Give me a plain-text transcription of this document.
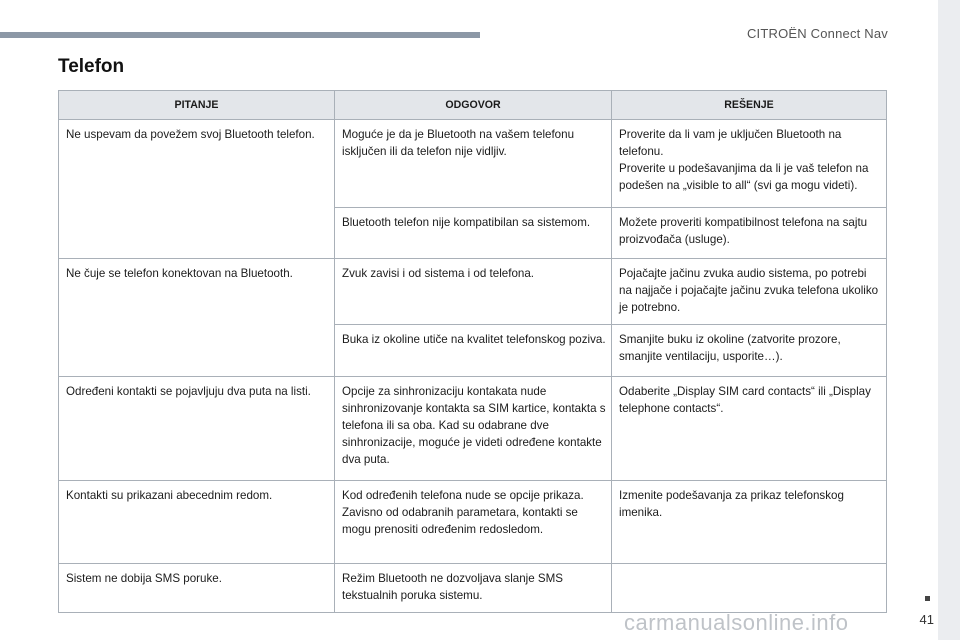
CITROËN Connect Nav
Telefon
PITANJE	ODGOVOR	REŠENJE
Ne uspevam da povežem svoj Bluetooth telefon.	Moguće je da je Bluetooth na vašem telefonu isključen ili da telefon nije vidljiv.	Proverite da li vam je uključen Bluetooth na telefonu.
Proverite u podešavanjima da li je vaš telefon na podešen na „visible to all“ (svi ga mogu videti).
	Bluetooth telefon nije kompatibilan sa sistemom.	Možete proveriti kompatibilnost telefona na sajtu proizvođača (usluge).
Ne čuje se telefon konektovan na Bluetooth.	Zvuk zavisi i od sistema i od telefona.	Pojačajte jačinu zvuka audio sistema, po potrebi na najjače i pojačajte jačinu zvuka telefona ukoliko je potrebno.
	Buka iz okoline utiče na kvalitet telefonskog poziva.	Smanjite buku iz okoline (zatvorite prozore, smanjite ventilaciju, usporite…).
Određeni kontakti se pojavljuju dva puta na listi.	Opcije za sinhronizaciju kontakata nude sinhronizovanje kontakta sa SIM kartice, kontakta s telefona ili sa oba. Kad su odabrane dve sinhronizacije, moguće je videti određene kontakte dva puta.	Odaberite „Display SIM card contacts“ ili „Display telephone contacts“.
Kontakti su prikazani abecednim redom.	Kod određenih telefona nude se opcije prikaza. Zavisno od odabranih parametara, kontakti se mogu prenositi određenim redosledom.	Izmenite podešavanja za prikaz telefonskog imenika.
Sistem ne dobija SMS poruke.	Režim Bluetooth ne dozvoljava slanje SMS tekstualnih poruka sistemu.	
carmanualsonline.info	41
